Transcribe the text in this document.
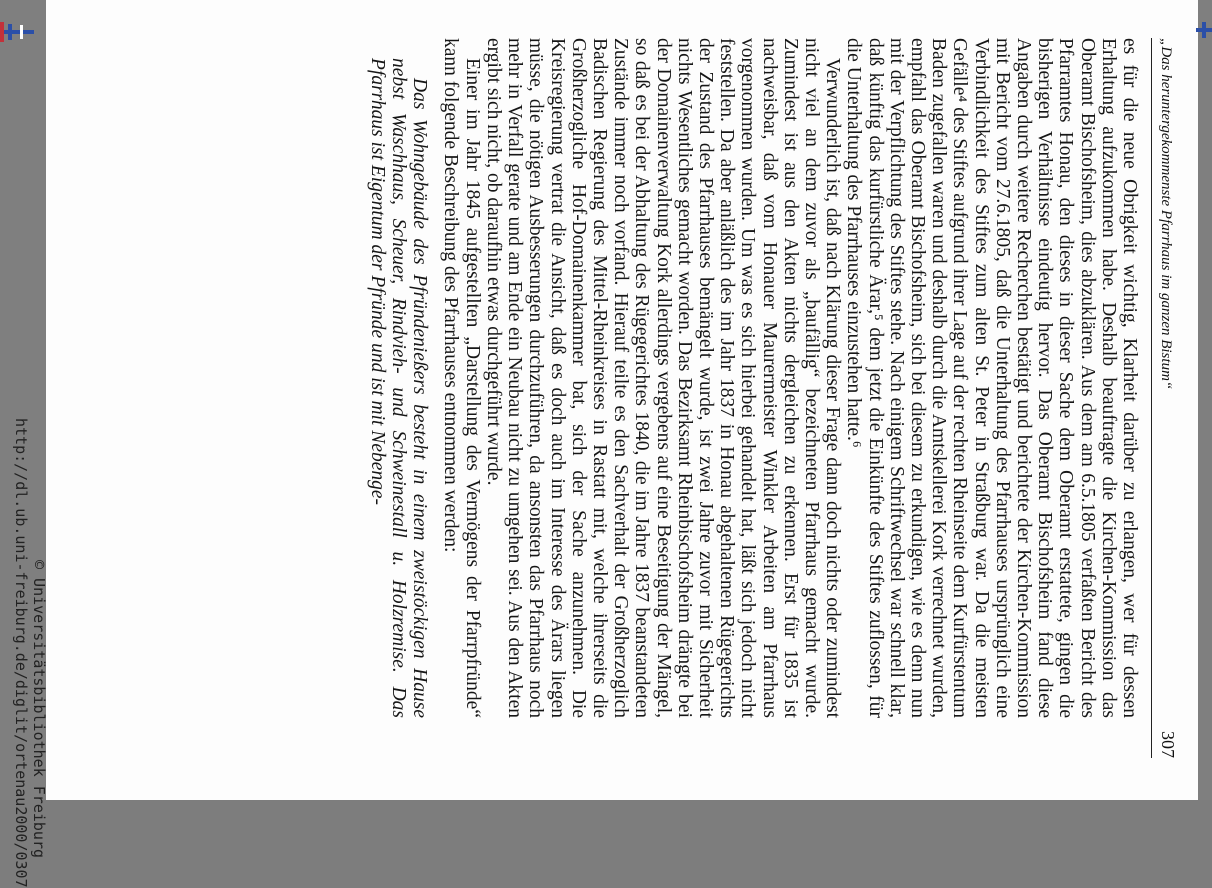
„Das heruntergekommenste Pfarrhaus im ganzen Bistum“
307

es für die neue Obrigkeit wichtig, Klarheit darüber zu erlangen, wer für dessen Erhaltung aufzukommen habe. Deshalb beauftragte die Kirchen-Kommission das Oberamt Bischofsheim, dies abzuklären. Aus dem am 6.5.1805 verfaßten Bericht des Pfarramtes Honau, den dieses in dieser Sache dem Oberamt erstattete, gingen die bisherigen Verhältnisse eindeutig hervor. Das Oberamt Bischofsheim fand diese Angaben durch weitere Recherchen bestätigt und berichtete der Kirchen-Kommission mit Bericht vom 27.6.1805, daß die Unterhaltung des Pfarrhauses ursprünglich eine Verbindlichkeit des Stiftes zum alten St. Peter in Straßburg war. Da die meisten Gefälle⁴ des Stiftes aufgrund ihrer Lage auf der rechten Rheinseite dem Kurfürstentum Baden zugefallen waren und deshalb durch die Amtskellerei Kork verrechnet wurden, empfahl das Oberamt Bischofsheim, sich bei diesem zu erkundigen, wie es denn nun mit der Verpflichtung des Stiftes stehe. Nach einigem Schriftwechsel war schnell klar, daß künftig das kurfürstliche Ärar,⁵ dem jetzt die Einkünfte des Stiftes zuflossen, für die Unterhaltung des Pfarrhauses einzustehen hatte.⁶

Verwunderlich ist, daß nach Klärung dieser Frage dann doch nichts oder zumindest nicht viel an dem zuvor als „baufällig“ bezeichneten Pfarrhaus gemacht wurde. Zumindest ist aus den Akten nichts dergleichen zu erkennen. Erst für 1835 ist nachweisbar, daß vom Honauer Maurermeister Winkler Arbeiten am Pfarrhaus vorgenommen wurden. Um was es sich hierbei gehandelt hat, läßt sich jedoch nicht feststellen. Da aber anläßlich des im Jahr 1837 in Honau abgehaltenen Rügegerichts der Zustand des Pfarrhauses bemängelt wurde, ist zwei Jahre zuvor mit Sicherheit nichts Wesentliches gemacht worden. Das Bezirksamt Rheinbischofsheim drängte bei der Domainenverwaltung Kork allerdings vergebens auf eine Beseitigung der Mängel, so daß es bei der Abhaltung des Rügegerichtes 1840, die im Jahre 1837 beanstandeten Zustände immer noch vorfand. Hierauf teilte es den Sachverhalt der Großherzoglich Badischen Regierung des Mittel-Rheinkreises in Rastatt mit, welche ihrerseits die Großherzogliche Hof-Domainenkammer bat, sich der Sache anzunehmen. Die Kreisregierung vertrat die Ansicht, daß es doch auch im Interesse des Ärars liegen müsse, die nötigen Ausbesserungen durchzuführen, da ansonsten das Pfarrhaus noch mehr in Verfall gerate und am Ende ein Neubau nicht zu umgehen sei. Aus den Akten ergibt sich nicht, ob daraufhin etwas durchgeführt wurde.

Einer im Jahr 1845 aufgestellten „Darstellung des Vermögens der Pfarrpfründe“ kann folgende Beschreibung des Pfarrhauses entnommen werden:

Das Wohngebäude des Pfründenießers besteht in einem zweistöckigen Hause nebst Waschhaus, Scheuer, Rindvieh- und Schweinestall u. Holzremise. Das Pfarrhaus ist Eigentum der Pfründe und ist mit Nebenge-

http://dl.ub.uni-freiburg.de/diglit/ortenau2000/0307 © Universitätsbibliothek Freiburg
